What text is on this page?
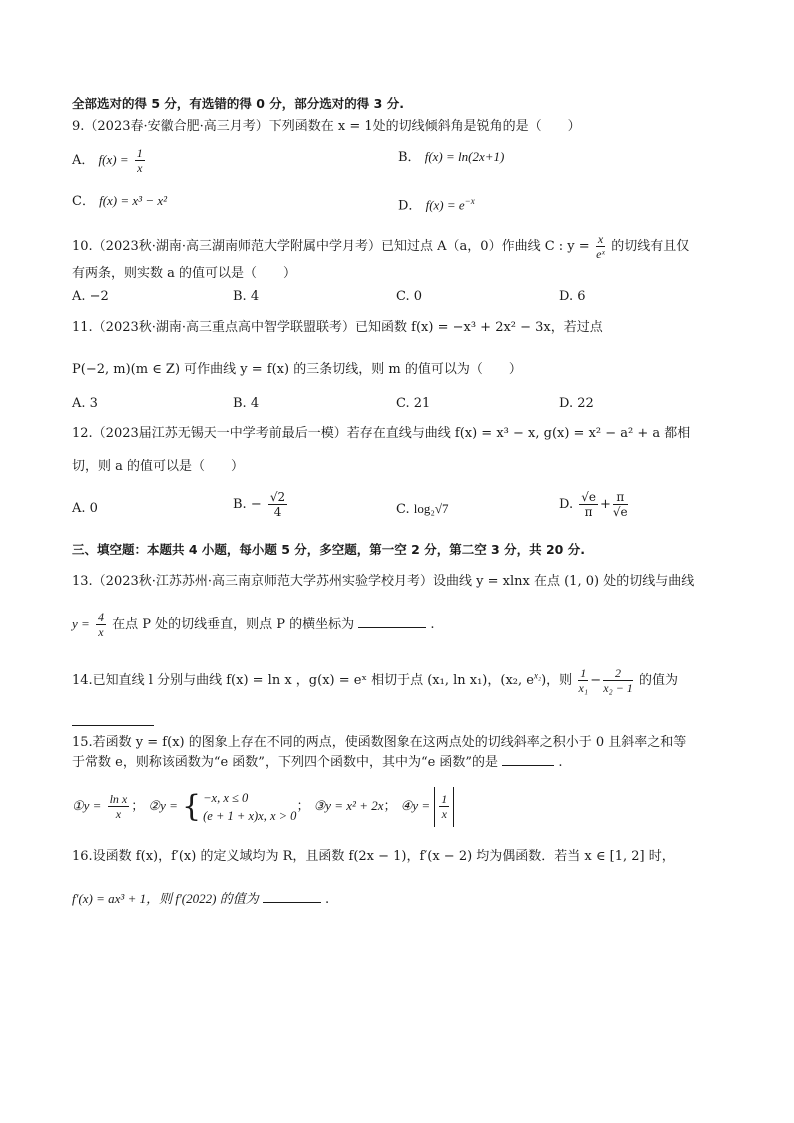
全部选对的得 5 分，有选错的得 0 分，部分选对的得 3 分.
9.（2023春·安徽合肥·高三月考）下列函数在 x = 1处的切线倾斜角是锐角的是（　　）
A． $f(x) = \frac{1}{x}$	B． f(x) = ln(2x+1)
C． f(x) = x³ − x²	D． $f(x) = e^{-x}$
10.（2023秋·湖南·高三湖南师范大学附属中学月考）已知过点 A（a，0）作曲线 C : $y = \frac{x}{\text{eˣ}}$ 的切线有且仅
有两条，则实数 a 的值可以是（　　）
A. −2	B. 4	C. 0	D. 6
11.（2023秋·湖南·高三重点高中智学联盟联考）已知函数 f(x) = −x³ + 2x² − 3x，若过点
P(−2, m)(m ∈ Z) 可作曲线 y = f(x) 的三条切线，则 m 的值可以为（　　）
A. 3	B. 4	C. 21	D. 22
12.（2023届江苏无锡天一中学考前最后一模）若存在直线与曲线 f(x) = x³ − x, g(x) = x² − a² + a 都相
切，则 a 的值可以是（　　）
A. 0	B. − $\frac{√2}{4}$	C. log₂√7	D. $\frac{√e}{\pi} + \frac{\pi}{√e}$
三、填空题：本题共 4 小题，每小题 5 分，多空题，第一空 2 分，第二空 3 分，共 20 分.
13.（2023秋·江苏苏州·高三南京师范大学苏州实验学校月考）设曲线 y = xlnx 在点 (1, 0) 处的切线与曲线
$y = \frac{4}{x}$ 在点 P 处的切线垂直，则点 P 的横坐标为	.
14.已知直线 l 分别与曲线 f(x) = ln x ，g(x) = eˣ 相切于点 (x₁, ln x₁)，(x₂, $e^{x_2}$)，则 $\frac{1}{\text{x₁}} - \frac{2}{\text{x₂ − 1}}$ 的值为
15.若函数 y = f(x) 的图象上存在不同的两点，使函数图象在这两点处的切线斜率之积小于 0 且斜率之和等
于常数 e，则称该函数为“e 函数”，下列四个函数中，其中为“e 函数”的是	.
①y = $\frac{\text{ln x}}{x}$ ； ②y = { −x, x ≤ 0
(e + 1 + x)x, x > 0
； ③y = x² + 2x； ④y = $\frac{1}{x}$
16.设函数 f(x)，f′(x) 的定义域均为 R，且函数 f(2x − 1)，f′(x − 2) 均为偶函数．若当 x ∈ [1, 2] 时，
f′(x) = ax³ + 1，则 f′(2022) 的值为	.
